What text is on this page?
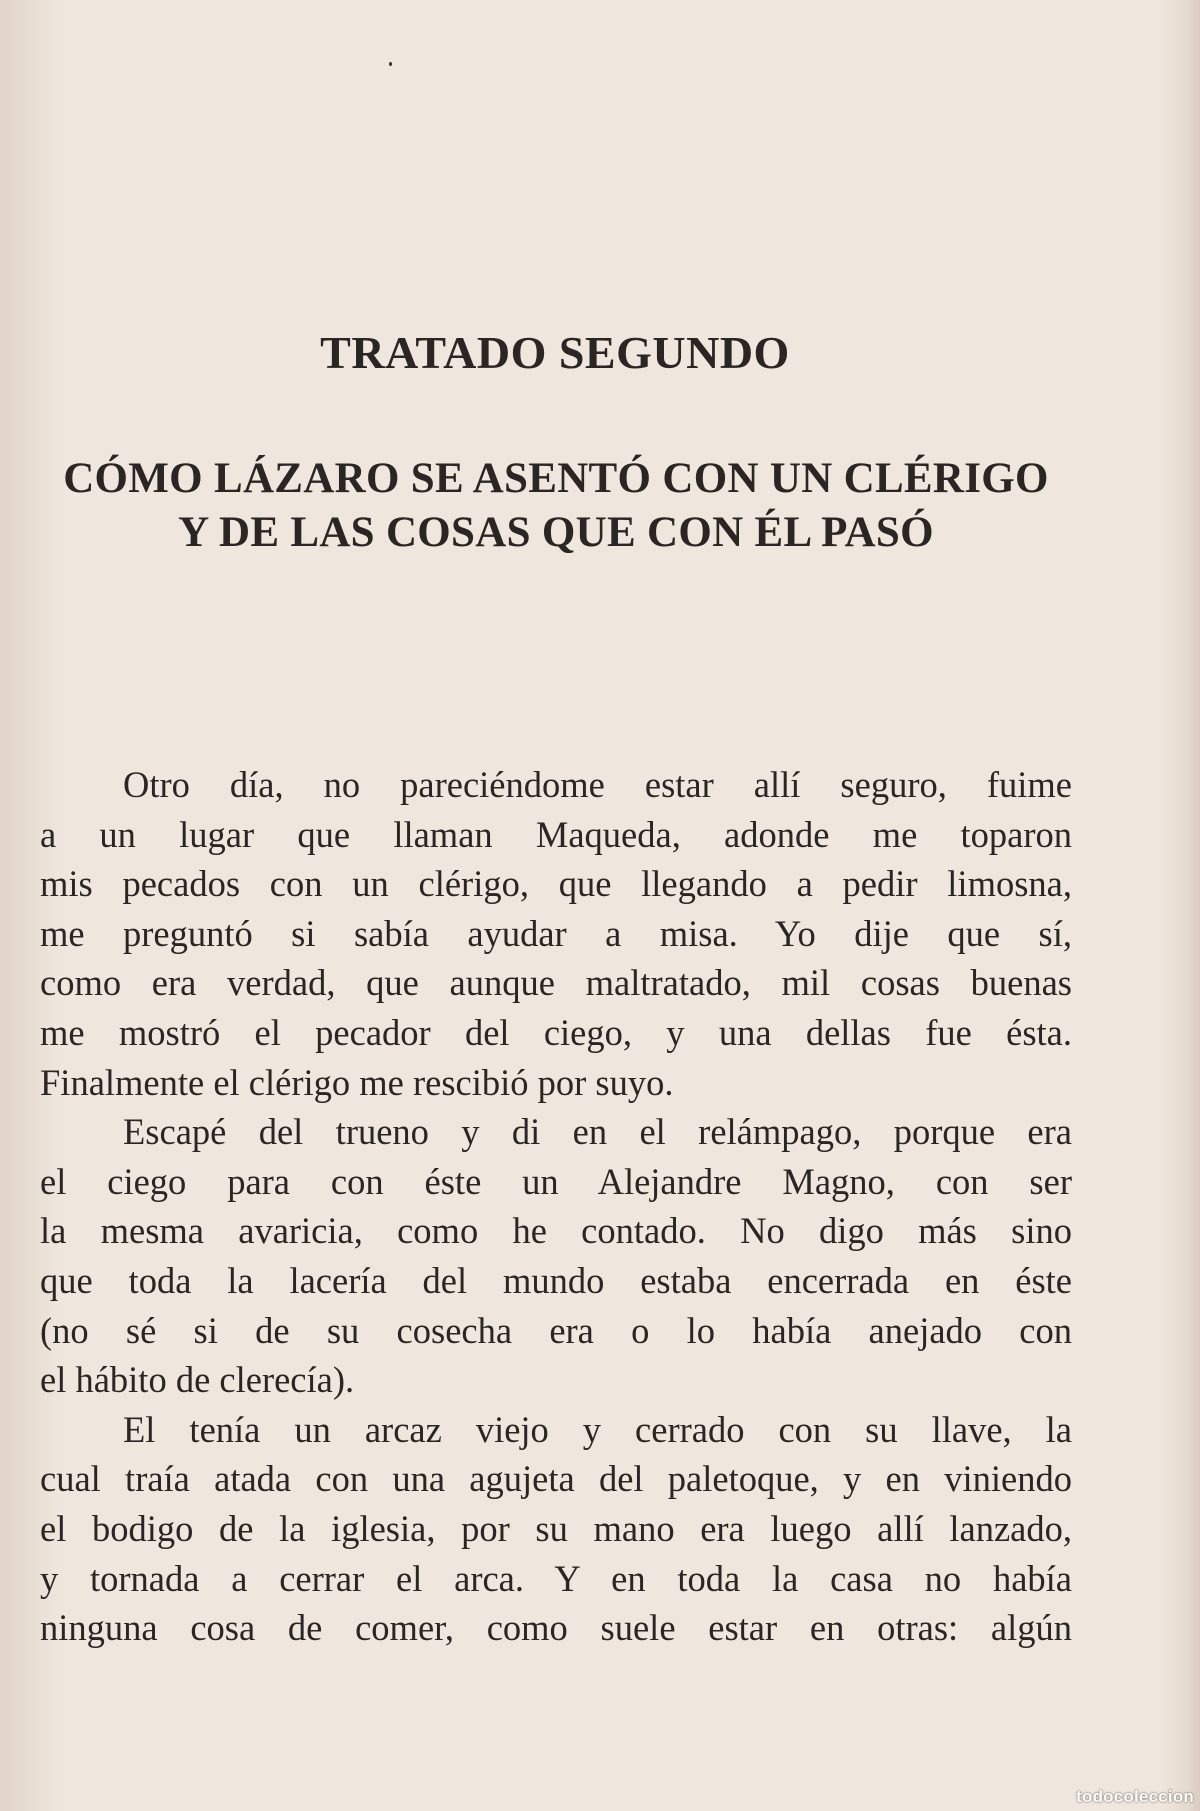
TRATADO SEGUNDO
CÓMO LÁZARO SE ASENTÓ CON UN CLÉRIGO
Y DE LAS COSAS QUE CON ÉL PASÓ

Otro día, no pareciéndome estar allí seguro, fuime
a un lugar que llaman Maqueda, adonde me toparon
mis pecados con un clérigo, que llegando a pedir limosna,
me preguntó si sabía ayudar a misa. Yo dije que sí,
como era verdad, que aunque maltratado, mil cosas buenas
me mostró el pecador del ciego, y una dellas fue ésta.
Finalmente el clérigo me rescibió por suyo.

Escapé del trueno y di en el relámpago, porque era
el ciego para con éste un Alejandre Magno, con ser
la mesma avaricia, como he contado. No digo más sino
que toda la lacería del mundo estaba encerrada en éste
(no sé si de su cosecha era o lo había anejado con
el hábito de clerecía).

El tenía un arcaz viejo y cerrado con su llave, la
cual traía atada con una agujeta del paletoque, y en viniendo
el bodigo de la iglesia, por su mano era luego allí lanzado,
y tornada a cerrar el arca. Y en toda la casa no había
ninguna cosa de comer, como suele estar en otras: algún

todocoleccion
